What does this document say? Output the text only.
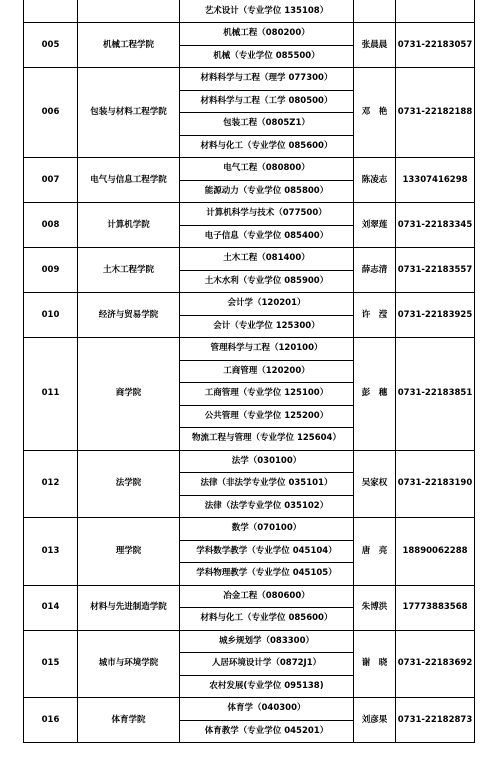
		艺术设计（专业学位 135108）		
005	机械工程学院	机械工程（080200）	张晨晨	0731-22183057
		机械（专业学位 085500）		
006	包装与材料工程学院	材料科学与工程（理学 077300）	邓　艳	0731-22182188
		材料科学与工程（工学 080500）		
		包装工程（0805Z1）		
		材料与化工（专业学位 085600）		
007	电气与信息工程学院	电气工程（080800）	陈凌志	13307416298
		能源动力（专业学位 085800）		
008	计算机学院	计算机科学与技术（077500）	刘翠莲	0731-22183345
		电子信息（专业学位 085400）		
009	土木工程学院	土木工程（081400）	薛志清	0731-22183557
		土木水利（专业学位 085900）		
010	经济与贸易学院	会计学（120201）	许　滢	0731-22183925
		会计（专业学位 125300）		
011	商学院	管理科学与工程（120100）	彭　穗	0731-22183851
		工商管理（120200）		
		工商管理（专业学位 125100）		
		公共管理（专业学位 125200）		
		物流工程与管理（专业学位 125604）		
012	法学院	法学（030100）	吴家权	0731-22183190
		法律（非法学专业学位 035101）		
		法律（法学专业学位 035102）		
013	理学院	数学（070100）	唐　亮	18890062288
		学科数学教学（专业学位 045104）		
		学科物理教学（专业学位 045105）		
014	材料与先进制造学院	冶金工程（080600）	朱博洪	17773883568
		材料与化工（专业学位 085600）		
015	城市与环境学院	城乡规划学（083300）	谢　晓	0731-22183692
		人居环境设计学（0872J1）		
		农村发展(专业学位 095138)		
016	体育学院	体育学（040300）	刘彦果	0731-22182873
		体育教学（专业学位 045201）		
